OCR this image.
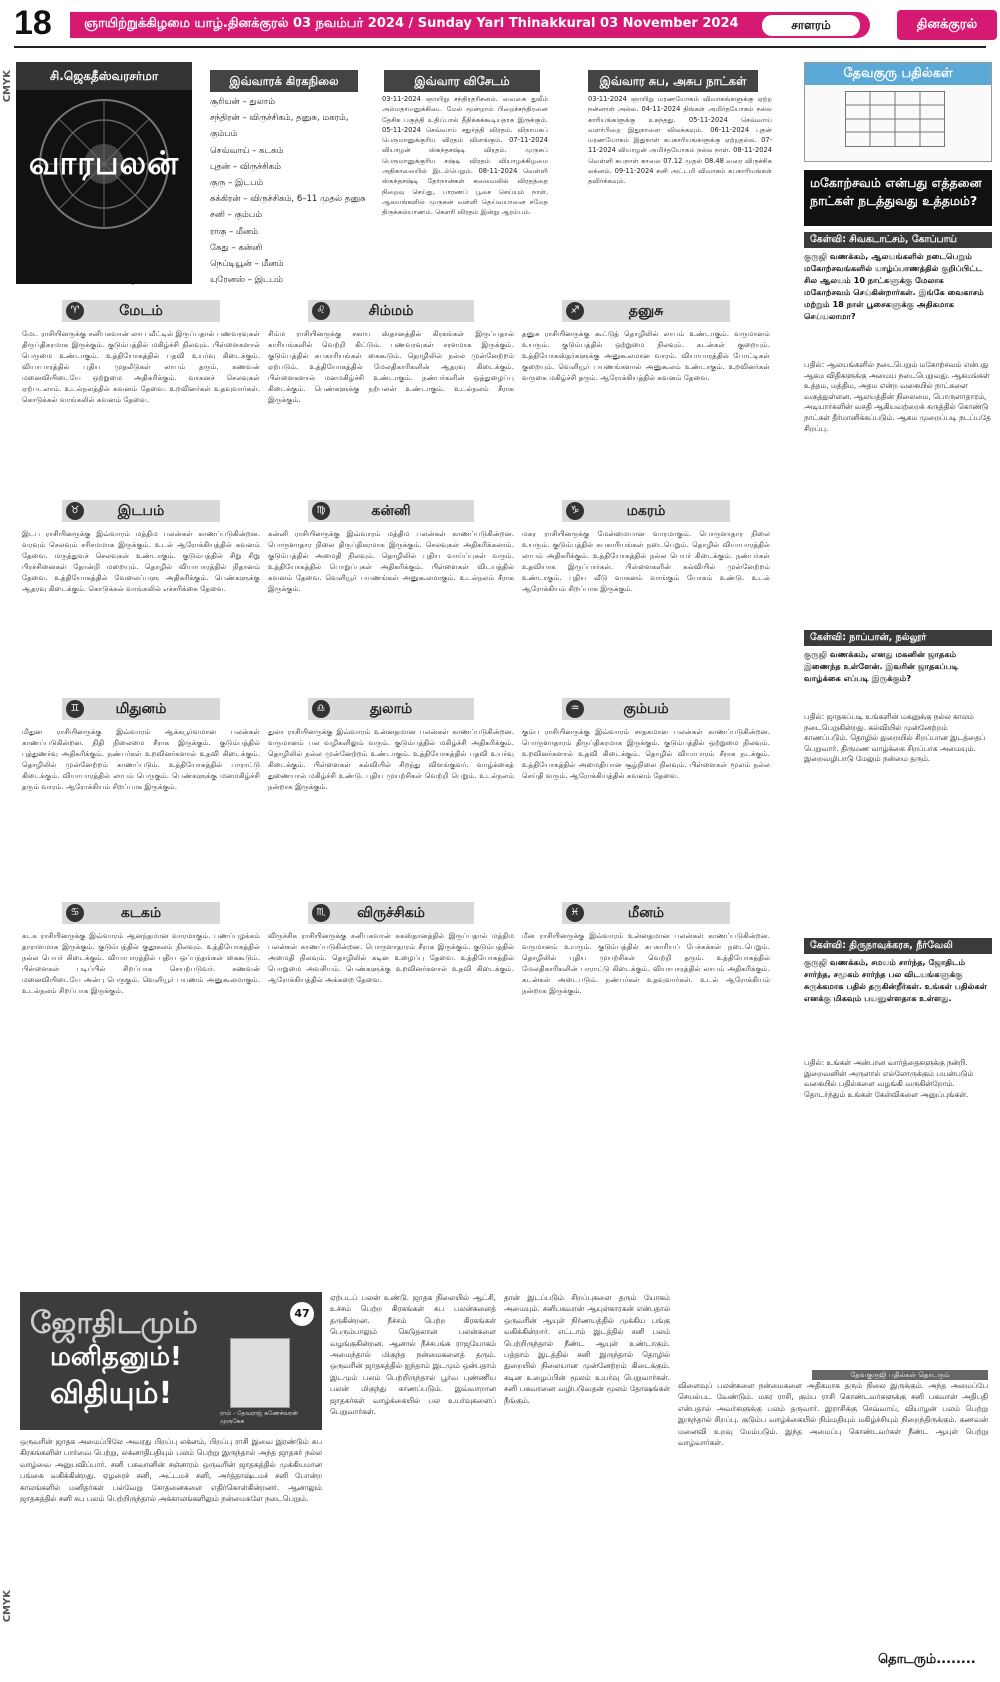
18 ஞாயிற்றுக்கிழமை யாழ்.தினக்குரல் 03 நவம்பர் 2024 / Sunday Yarl Thinakkural 03 November 2024	சாளரம்	தினக்குரல்
CMYK
CMYK
சி.ஜெகதீஸ்வரசர்மா
வாரபலன்
03 - 11 - 2024 முதல்
09 - 11 - 2024 வரை
இவ்வாரக் கிரகநிலை
சூரியன் – துலாம்
சந்திரன் – விருச்சிகம், தனுசு, மகரம், கும்பம்
செவ்வாய் – கடகம்
புதன் – விருச்சிகம்
குரு – இடபம்
சுக்கிரன் – விருச்சிகம், 6–11 முதல் தனுசு
சனி – கும்பம்
ராகு – மீனம்
கேது – கன்னி
நெப்டியூன் – மீனம்
யுரேனஸ் – இடபம்
இவ்வார விசேடம்
03-11-2024 ஞாயிறு சந்திரதரிசனம். வைகை துலீம் அம்மதாமனுக்கிடை மேல் மூன்றாம் பிறைச்சந்திரனை தேசிக பகுத்தி உதிப்பால் தீதிக்கக்கூடியதாக இருக்கும். 05-11-2024 செவ்வாய் சதுர்த்தி விரதம். விநாயகப் பெருமானுக்குரிய விரதம் விளங்கும். 07-11-2024 வியாழன் ஸ்கந்தசஷ்டி விரதம். முருகப் பெருமானுக்குரிய சஷ்டி விரதம் வியாழக்கிழமை அதிகாலையில் இடம்பெறும். 08-11-2024 வெள்ளி ஸ்கந்தசஷ்டி தேர்நான்கள் கலைவலில் விரதத்தை நிறைவு செய்து, பாரணப் பூசை செய்யும் நாள். ஆலயங்களில் முருகன் வள்ளி தெய்வயானை சமேத திருக்கல்யாணம். கௌரி விரதம் இன்று ஆரம்பம்.
இவ்வார சுப, அசுப நாட்கள்
03-11-2024 ஞாயிறு மரணயோகம் விவாகங்களுக்கு ஏற்ற நன்னாள் அல்ல. 04-11-2024 திங்கள் அமிர்தயோகம் நல்ல காரியங்களுக்கு உகந்தது. 05-11-2024 செவ்வாய் வளர்பிறை இதுநாளை விலக்கவும். 06-11-2024 புதன் மரணயோகம் இதுநாள் சுபகாரியங்களுக்கு ஏற்றதல்ல. 07-11-2024 வியாழன் அமிர்தயோகம் நல்ல நாள். 08-11-2024 வெள்ளி சுபநாள் காலை 07.12 முதல் 08.48 வரை விருச்சிக லக்னம். 09-11-2024 சனி அட்டமி விவாகம் சுபகாரியங்கள் தவிர்க்கவும்.
♈	மேடம்
மேட ராசியினருக்கு சனிபகவான் லாப வீட்டில் இருப்பதால் பணவரவுகள் திருப்திகரமாக இருக்கும். குடும்பத்தில் மகிழ்ச்சி நிலவும். பிள்ளைகளால் பெருமை உண்டாகும். உத்தியோகத்தில் பதவி உயர்வு கிடைக்கும். வியாபாரத்தில் புதிய முதலீடுகள் லாபம் தரும். கணவன் மனைவியிடையே ஒற்றுமை அதிகரிக்கும். வாகனச் செலவுகள் ஏற்படலாம். உடல்நலத்தில் கவனம் தேவை. உறவினர்கள் உதவுவார்கள். கொடுக்கல் வாங்கலில் கவனம் தேவை.
♌	சிம்மம்
சிம்ம ராசியினருக்கு சகாய ஸ்தானத்தில் கிரகங்கள் இருப்பதால் காரியங்களில் வெற்றி கிட்டும். பணவரவுகள் சரளமாக இருக்கும். குடும்பத்தில் சுபகாரியங்கள் கைகூடும். தொழிலில் நல்ல முன்னேற்றம் ஏற்படும். உத்தியோகத்தில் மேலதிகாரிகளின் ஆதரவு கிடைக்கும். பிள்ளைகளால் மனமகிழ்ச்சி உண்டாகும். நண்பர்களின் ஒத்துழைப்பு கிடைக்கும். பெண்களுக்கு நற்பலன் உண்டாகும். உடல்நலம் சீராக இருக்கும்.
♐	தனுசு
தனுசு ராசியினருக்கு கூட்டுத் தொழிலில் லாபம் உண்டாகும். வருமானம் உயரும். குடும்பத்தில் ஒற்றுமை நிலவும். கடன்கள் குறையும். உத்தியோகஸ்தர்களுக்கு அனுகூலமான வாரம். வியாபாரத்தில் போட்டிகள் குறையும். வெளியூர் பயணங்களால் அனுகூலம் உண்டாகும். உறவினர்கள் வருகை மகிழ்ச்சி தரும். ஆரோக்கியத்தில் கவனம் தேவை.
♉	இடபம்
இடப ராசியினருக்கு இவ்வாரம் மத்திம பலன்கள் காணப்படுகின்றன. வரவும் செலவும் சரிசமமாக இருக்கும். உடல் ஆரோக்கியத்தில் கவனம் தேவை. மருத்துவச் செலவுகள் உண்டாகும். குடும்பத்தில் சிறு சிறு பிரச்சினைகள் தோன்றி மறையும். தொழில் வியாபாரத்தில் நிதானம் தேவை. உத்தியோகத்தில் வேலைப்பளு அதிகரிக்கும். பெண்களுக்கு ஆதரவு கிடைக்கும். கொடுக்கல் வாங்கலில் எச்சரிக்கை தேவை.
♍	கன்னி
கன்னி ராசியினருக்கு இவ்வாரம் மத்திம பலன்கள் காணப்படுகின்றன. பொருளாதார நிலை திருப்திகரமாக இருக்கும். செலவுகள் அதிகரிக்கலாம். குடும்பத்தில் அமைதி நிலவும். தொழிலில் புதிய வாய்ப்புகள் வரும். உத்தியோகத்தில் பொறுப்புகள் அதிகரிக்கும். பிள்ளைகள் விடயத்தில் கவனம் தேவை. வெளியூர் பயணங்கள் அனுகூலமாகும். உடல்நலம் சீராக இருக்கும்.
♑	மகரம்
மகர ராசியினருக்கு மேன்மையான வாரமாகும். பொருளாதார நிலை உயரும். குடும்பத்தில் சுபகாரியங்கள் நடைபெறும். தொழில் வியாபாரத்தில் லாபம் அதிகரிக்கும். உத்தியோகத்தில் நல்ல பெயர் கிடைக்கும். நண்பர்கள் உதவியாக இருப்பார்கள். பிள்ளைகளின் கல்வியில் முன்னேற்றம் உண்டாகும். புதிய வீடு வாகனம் வாங்கும் யோகம் உண்டு. உடல் ஆரோக்கியம் சிறப்பாக இருக்கும்.
♊	மிதுனம்
மிதுன ராசியினருக்கு இவ்வாரம் ஆக்கபூர்வமான பலன்கள் காணப்படுகின்றன. நிதி நிலைமை சீராக இருக்கும். குடும்பத்தில் புத்துணர்வு அதிகரிக்கும். நண்பர்கள் உறவினர்களால் உதவி கிடைக்கும். தொழிலில் முன்னேற்றம் காணப்படும். உத்தியோகத்தில் பாராட்டு கிடைக்கும். வியாபாரத்தில் லாபம் பெருகும். பெண்களுக்கு மனமகிழ்ச்சி தரும் வாரம். ஆரோக்கியம் சிறப்பாக இருக்கும்.
♎	துலாம்
துலா ராசியினருக்கு இவ்வாரம் உன்னதமான பலன்கள் காணப்படுகின்றன. வருமானம் பல வழிகளிலும் வரும். குடும்பத்தில் மகிழ்ச்சி அதிகரிக்கும். தொழிலில் நல்ல முன்னேற்றம் உண்டாகும். உத்தியோகத்தில் பதவி உயர்வு கிடைக்கும். பிள்ளைகள் கல்வியில் சிறந்து விளங்குவர். வாழ்க்கைத் துணையால் மகிழ்ச்சி உண்டு. புதிய முயற்சிகள் வெற்றி பெறும். உடல்நலம் நன்றாக இருக்கும்.
♒	கும்பம்
கும்ப ராசியினருக்கு இவ்வாரம் சாதகமான பலன்கள் காணப்படுகின்றன. பொருளாதாரம் திருப்திகரமாக இருக்கும். குடும்பத்தில் ஒற்றுமை நிலவும். உறவினர்களால் உதவி கிடைக்கும். தொழில் வியாபாரம் சீராக நடக்கும். உத்தியோகத்தில் அமைதியான சூழ்நிலை நிலவும். பிள்ளைகள் மூலம் நல்ல செய்தி வரும். ஆரோக்கியத்தில் கவனம் தேவை.
♋	கடகம்
கடக ராசியினருக்கு இவ்வாரம் ஆனந்தமான வாரமாகும். பணப்புழக்கம் தாராளமாக இருக்கும். குடும்பத்தில் குதூகலம் நிலவும். உத்தியோகத்தில் நல்ல பெயர் கிடைக்கும். வியாபாரத்தில் புதிய ஒப்பந்தங்கள் கைகூடும். பிள்ளைகள் படிப்பில் சிறப்பாக செயற்படுவர். கணவன் மனைவியிடையே அன்பு பெருகும். வெளியூர் பயணம் அனுகூலமாகும். உடல்நலம் சிறப்பாக இருக்கும்.
♏	விருச்சிகம்
விருச்சிக ராசியினருக்கு சனிபகவான் சுகஸ்தானத்தில் இருப்பதால் மத்திம பலன்கள் காணப்படுகின்றன. பொருளாதாரம் சீராக இருக்கும். குடும்பத்தில் அமைதி நிலவும். தொழிலில் கடின உழைப்பு தேவை. உத்தியோகத்தில் பொறுமை அவசியம். பெண்களுக்கு உறவினர்களால் உதவி கிடைக்கும். ஆரோக்கியத்தில் அக்கறை தேவை.
♓	மீனம்
மீன ராசியினருக்கு இவ்வாரம் உன்னதமான பலன்கள் காணப்படுகின்றன. வருமானம் உயரும். குடும்பத்தில் சுபகாரியப் பேச்சுக்கள் நடைபெறும். தொழிலில் புதிய முயற்சிகள் வெற்றி தரும். உத்தியோகத்தில் மேலதிகாரிகளின் பாராட்டு கிடைக்கும். வியாபாரத்தில் லாபம் அதிகரிக்கும். கடன்கள் அடைபடும். நண்பர்கள் உதவுவார்கள். உடல் ஆரோக்கியம் நன்றாக இருக்கும்.
தேவகுரு பதில்கள்
மகோற்சவம் என்பது எத்தனை நாட்கள் நடத்துவது உத்தமம்?
கேள்வி: சிவகடாட்சம், கோப்பாய்
குருஜி வணக்கம், ஆலயங்களில் நடைபெறும் மகோற்சவங்களில் யாழ்ப்பாணத்தில் குறிப்பிட்ட சில ஆலயம் 10 நாட்களுக்கு மேலாக மகோற்சவம் செய்கின்றார்கள். இங்கே வைகாசம் மற்றும் 18 நாள் பூசைகளுக்கு அதிகமாக செய்யலாமா?
பதில்: ஆலயங்களில் நடைபெறும் மகோற்சவம் என்பது ஆகம விதிகளுக்கு அமைய நடைபெறுவது. ஆகமங்கள் உத்தம, மத்திம, அதம என்ற வகையில் நாட்களை வகுத்துள்ளன. ஆலயத்தின் நிலைமை, பொருளாதாரம், அடியார்களின் வசதி ஆகியவற்றைக் கருத்தில் கொண்டு நாட்கள் தீர்மானிக்கப்படும். ஆகம முறைப்படி நடப்பதே சிறப்பு.
கேள்வி: நாப்பான், நல்லூர்
குருஜி வணக்கம், எனது மகனின் ஜாதகம் இணைந்த உள்ளேன். இவரின் ஜாதகப்படி வாழ்க்கை எப்படி இருக்கும்?
பதில்: ஜாதகப்படி உங்களின் மகனுக்கு நல்ல காலம் நடைபெறுகின்றது. கல்வியில் முன்னேற்றம் காணப்படும். தொழில் துறையில் சிறப்பான இடத்தைப் பெறுவார். திருமண வாழ்க்கை சிறப்பாக அமையும். இறைவழிபாடு மேலும் நன்மை தரும்.
கேள்வி: திருநாவுக்கரசு, நீர்வேலி
குருஜி வணக்கம், சமயம் சார்ந்த, ஜோதிடம் சார்ந்த, சமூகம் சார்ந்த பல விடயங்களுக்கு சுருக்கமாக பதில் தருகின்றீர்கள். உங்கள் பதில்கள் எனக்கு மிகவும் பயனுள்ளதாக உள்ளது.
பதில்: உங்கள் அன்பான வார்த்தைகளுக்கு நன்றி. இறைவனின் அருளால் எல்லோருக்கும் பயன்படும் வகையில் பதில்களை வழங்கி வருகின்றோம். தொடர்ந்தும் உங்கள் கேள்விகளை அனுப்புங்கள்.
தேவகுருஜி பதில்கள் தொடரும்
ஜோதிடமும்
மனிதனும்!
விதியும்!
47
ராம் - தேவராஜ் கணேச்வரன் முருகேசு
ஒருவரின் ஜாதக அமைப்பிலே அவரது பிறப்பு லக்னம், பிறப்பு ராசி இவை இரண்டும் சுப கிரகங்களின் பார்வை பெற்று, லக்னாதிபதியும் பலம் பெற்று இருந்தால் அந்த ஜாதகர் நல்ல வாழ்வை அனுபவிப்பார். சனி பகவானின் சஞ்சாரம் ஒருவரின் ஜாதகத்தில் முக்கியமான பங்கை வகிக்கின்றது. ஏழரைச் சனி, அட்டமச் சனி, அர்த்தாஷ்டமச் சனி போன்ற காலங்களில் மனிதர்கள் பல்வேறு சோதனைகளை எதிர்கொள்கின்றனர். ஆனாலும் ஜாதகத்தில் சனி சுப பலம் பெற்றிருந்தால் அக்காலங்களிலும் நன்மைகளே நடைபெறும்.
ஏற்படப் பலன் உண்டு. ஜாதக நிலையில் ஆட்சி, உச்சம் பெற்ற கிரகங்கள் சுப பலன்களைத் தருகின்றன. நீச்சம் பெற்ற கிரகங்கள் பெரும்பாலும் கெடுதலான பலன்களை வழங்குகின்றன. ஆனால் நீச்சபங்க ராஜயோகம் அமைந்தால் மிகுந்த நன்மைகளைத் தரும். ஒருவரின் ஜாதகத்தில் ஐந்தாம் இடமும் ஒன்பதாம் இடமும் பலம் பெற்றிருந்தால் பூர்வ புண்ணிய பலன் மிகுந்து காணப்படும். இவ்வாறான ஜாதகர்கள் வாழ்க்கையில் பல உயர்வுகளைப் பெறுவார்கள்.
தான் இடப்படும் சிறப்புகளை தரும் யோகம் அமையும். சனிபகவான் ஆயுள்காரகன் என்பதால் ஒருவரின் ஆயுள் நிர்ணயத்தில் முக்கிய பங்கு வகிக்கின்றார். எட்டாம் இடத்தில் சனி பலம் பெற்றிருந்தால் நீண்ட ஆயுள் உண்டாகும். பத்தாம் இடத்தில் சனி இருந்தால் தொழில் துறையில் நிலையான முன்னேற்றம் கிடைக்கும். கடின உழைப்பின் மூலம் உயர்வு பெறுவார்கள். சனி பகவானை வழிபடுவதன் மூலம் தோஷங்கள் நீங்கும்.
விளைவுப் பலன்களை நன்மைகளை அதிகமாக தரும் நிலை இருக்கும். அந்த அமைப்பே செயல்பட வேண்டும். மகர ராசி, கும்ப ராசி கொண்டவர்களுக்கு சனி பகவான் அதிபதி என்பதால் அவர்களுக்கு பலம் தருவார். இராசிக்கு செவ்வாய், வியாழன் பலம் பெற்று இருந்தால் சிறப்பு. குடும்ப வாழ்க்கையில் நிம்மதியும் மகிழ்ச்சியும் நிறைந்திருக்கும். கணவன் மனைவி உறவு மேம்படும். இந்த அமைப்பு கொண்டவர்கள் நீண்ட ஆயுள் பெற்று வாழ்வார்கள்.
தொடரும்........
